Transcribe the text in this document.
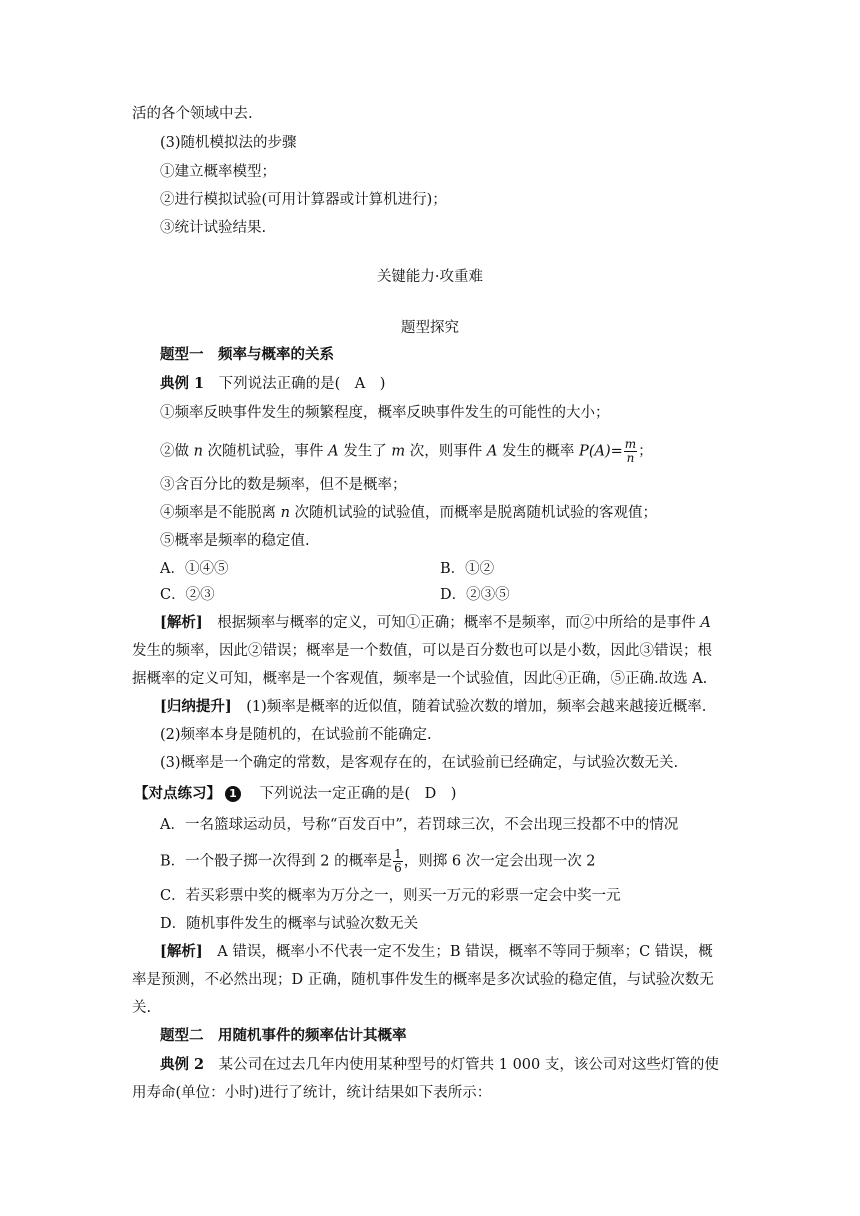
活的各个领域中去.
(3)随机模拟法的步骤
①建立概率模型；
②进行模拟试验(可用计算器或计算机进行)；
③统计试验结果.
关键能力·攻重难
题型探究
题型一　频率与概率的关系
典例 1　下列说法正确的是(　A　)
①频率反映事件发生的频繁程度，概率反映事件发生的可能性的大小；
②做 n 次随机试验，事件 A 发生了 m 次，则事件 A 发生的概率 $P(A)= \frac{m}{n}$ ；
③含百分比的数是频率，但不是概率；
④频率是不能脱离 n 次随机试验的试验值，而概率是脱离随机试验的客观值；
⑤概率是频率的稳定值.
A．①④⑤	B．①②
C．②③	D．②③⑤
[解析]　根据频率与概率的定义，可知①正确；概率不是频率，而②中所给的是事件 A
发生的频率，因此②错误；概率是一个数值，可以是百分数也可以是小数，因此③错误；根
据概率的定义可知，概率是一个客观值，频率是一个试验值，因此④正确，⑤正确.故选 A.
[归纳提升]　(1)频率是概率的近似值，随着试验次数的增加，频率会越来越接近概率.
(2)频率本身是随机的，在试验前不能确定.
(3)概率是一个确定的常数，是客观存在的，在试验前已经确定，与试验次数无关.
【对点练习】 1　下列说法一定正确的是(　D　)
A．一名篮球运动员，号称“百发百中”，若罚球三次，不会出现三投都不中的情况
B．一个骰子掷一次得到 2 的概率是 $\frac{1}{6}$ ，则掷 6 次一定会出现一次 2
C．若买彩票中奖的概率为万分之一，则买一万元的彩票一定会中奖一元
D．随机事件发生的概率与试验次数无关
[解析]　A 错误，概率小不代表一定不发生；B 错误，概率不等同于频率；C 错误，概
率是预测，不必然出现；D 正确，随机事件发生的概率是多次试验的稳定值，与试验次数无
关.
题型二　用随机事件的频率估计其概率
典例 2　某公司在过去几年内使用某种型号的灯管共 1 000 支，该公司对这些灯管的使
用寿命(单位：小时)进行了统计，统计结果如下表所示：
